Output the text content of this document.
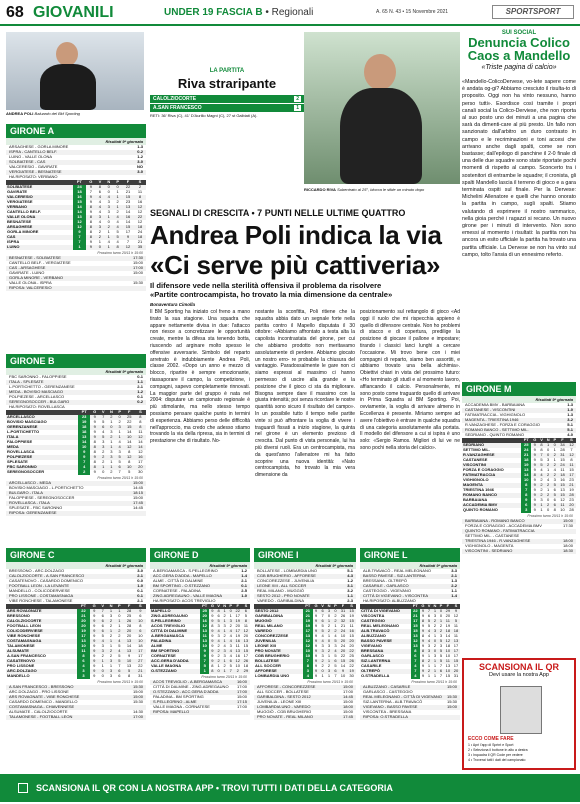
68 GIOVANILI	UNDER 19 FASCIA B • Regionali	A. 65 N. 43 • 15 Novembre 2021	SPORTSPORT
ANDREA POLI Baluardo del Bkf Sporting
LA PARTITA
Riva straripante
CALOLZIOCORTE	2
A.SAN FRANCESCO	1
RETI: 36' Riva (C), 41' D'Aurillo Magni (C), 27 st Galbiati (A).
RICCARDO RIVA Subentrato al 25°, blocca le sfide un minuto dopo
SUI SOCIAL
Denuncia Colico
Caos a Mandello
«Triste pagina di calcio»
«Mandello-ColicoDervese, vo-lete sapere come è andata og-gi? Abbiamo cresciuto il risulta-to di proposito. Oggi non ha vinto nessuno, hanno perso tutti». Esordisce così tramite i propri canali social la Colico-Derviese, che non riporta al suo posto uno dei minuti a una pagina che sarà da dimenti-care al più presto. Un fallo non sanzionato dall'arbitro un duro contrasto in campo e le recriminazioni e toni accesi che arrivano anche dagli spalti, come se non bastasse; dall'epilogo di panchine il 2-0 finale di una delle due squadre sono state riportate pochi momenti di rispetto al campo. Sconcerto tra i sostenitori di entrambe le squadre; il cronista, gli spalti Mandello lascia il terreno di gioco e a gara terminata ospiti sul finale. Per la Dervese: Michelini Allenatore e quelli che hanno onorato la partita in campo, sugli spalti. Stiamo valutando di esprimere il nostro rammarico, nella gioia perché i ragazzi si recano. Un nuovo girone per i minuti di intervento. Non sono emessi al momento i risultati: la partita non ha ancora un esito ufficiale la partita ha trovato una partita ufficiale. La Dervese se non ha vinto sul campo, tolto l'ansia di un ennesimo referto.
SEGNALI DI CRESCITA • 7 PUNTI NELLE ULTIME QUATTRO
Andrea Poli indica la via
«Ci serve più cattiveria»
Il difensore vede nella sterilità offensiva il problema da risolvere
«Partite controcampista, ho trovato la mia dimensione da centrale»
Bonaventura Cimolla

Il BM Sporting ha iniziato col freno a mano tirato la sua stagione. Una squadra che appare nettamente divisa in due: l'attacco non riesce a concretizzare le opportunità create, mentre la difesa sta tenendo botta, riuscendo ad arginare molto spesso le offensive avversarie. Simbolo del reparto arretrato è indubbiamente Andrea Poli, classe 2002. «Dopo un anno e mezzo di blocco, ripartire è sempre emozionante, riassaporare il campo, la competizione, i compagni, sapevo completamente rinnovati. La maggior parte del gruppo è nata nel 2004: disputare un campionato regionale è più stimolante, ma nello stesso tempo possiamo pensare qualche punto in termini di esperienza. Abbiamo perso delle difficoltà nell'approccio, ma credo che adesso stiamo trovando la via della ripresa, sia in termini di prestazione che di risultato. No-

nostante la sconfitta, Poli ritiene che la squadra abbia dato un segnale forte nella partita contro il Mapello disputata il 30 ottobre: «Abbiamo affrontato a testa alta la capolista incontrastata del girone, per cui che abbiamo prodotto non meritavamo assolutamente di perdere. Abbiamo giocato un nostro erro- re probabile la chiusura del vantaggio. Paradossalmente le gare non ci siamo espressi al massimo ci hanno permesso di uscire alla grande e la posizione che il gioco ci sta da migliorare. Bisogna sempre dare il massimo con la giusta intensità; poi senza ricordare le nostre quantità sono sicuro il risultato del campo». In un possibile tutto il tempo nelle partite vinte si può affrontare la voglia di vivere i traguardi fissati a inizio stagione, la quinta nel girone è un elemento prezioso di crescita. Dal punto di vista personale, lui ha più diversi ruoli. Era un centrocampista, ma da quest'anno l'allenatore mi ha fatto scoprire una nuova identità: «Nato centrocampista, ho trovato la mia vera dimensione da

posizionamento sul rettangolo di gioco «Ad oggi il ruolo che mi rispecchia appieno è quello di difensore centrale. Non ho problemi di stacco e di copertura, predilige la posizione di giocare il pallone e impostare; tirando i classici lanci lunghi a cercare l'occasione. Mi trovo bene con i miei compagni di reparto, siamo ben assortiti, e abbiamo trovato una bella alchimia». Obiettivi chiari in vista del prossimo futuro: «Ho terminato gli studi e al momento lavoro, affiancando il calcio. Personalmente, mi sono posto come traguardo quello di arrivare in Prima Squadra al BM Sporting. Poi, ovviamente, la voglia di arrivare almeno in Eccellenza è presente. Miriamo sempre ad avere l'obiettivo è entrare in qualche squadra di una categoria assolutamente alla portata. Il modello del difensore a cui si ispira è uno solo: «Sergio Ramos. Migliori di lui ve ne sono pochi nella storia del calcio».

GIRONE A
Risultati 9ª giornata
ARSAGHESE - GORLA MINORE	1-3
ISPRA - CANTELLO BELF.	0-2
LUINO - VALLE OLONA	1-2
SOLBIATESE - CAS	3-0
VALCERESIO - GAVIRATE	NO
VERGIATESE - BESNATESE	3-0
HA RIPOSATO: VERBANO
	PT	G	V	N	P	F	S
SOLBIATESE	24	9	8	0	0	22	2
GAVIRATE	18	7	6	0	1	21	11
VALCERESIO	16	9	4	4	1	15	8
VERGIATESE	15	9	4	3	2	23	16
VERBANO	14	8	4	3	1	13	12
CANTELLO BELF.	14	9	4	3	2	14	12
VALLE OLONA	13	8	3	1	4	16	22
BESNATESE	12	8	4	0	4	14	12
ARSAGHESE	12	8	3	2	4	15	18
GORLA MINORE	9	8	2	1	5	17	24
CAS	7	8	2	1	5	9	18
ISPRA	7	9	1	4	4	7	21
LUINO	1	9	0	1	8	12	35
Prossimo turno 20/11 h 15:00
BESNATESE - SOLBIATESE	17:30
CANTELLO BELF. - VERGIATESE	15:00
CAS - ARSAGHESE	17:00
GAVIRATE - LUINO	15:00
GORLA MINORE - VERBANO
VALLE OLONA - ISPRA	15:30
RIPOSA: VALCERESIO
GIRONE B
Risultati 9ª giornata
FBC SARONNO - FALOPPIESE	0-1
ITALA - SPLESATE	1-1
L.PORTICHETTO - GERENZANESE	2-1
MEDA - BOVISIO MASCIAGO	1-2
POLPIEZESE - ARCELLASCO	0-1
SEREGNOSOCCER - BULGARO	0-2
HA RIPOSATO: ROVELLASCA
	PT	G	V	N	P	F	S
ARCELLASCO	23	9	7	2	0	25	8
BOVISIO MASCIAGO	19	9	5	1	2	22	8
GERENZANESE	18	9	6	0	3	15	8
L.PORTICHETTO	18	9	4	3	1	14	11
ITALA	13	9	5	2	1	10	12
FALOPPIESE	14	8	3	1	4	14	14
MEDA	10	8	3	1	4	12	14
ROVELLASCA	9	8	2	3	3	8	12
POLPIEZESE	9	9	2	3	5	12	16
SPLESATE	7	8	2	1	5	8	17
FBC SARONNO	4	8	1	1	6	10	20
SEREGNOSOCCER	2	9	0	2	7	5	30
Prossimo turno 20/11 h 15:00
ARCELLASCO - MEDA	15:00
BOVISIO MASCIAGO - L.PORTICHETTO	14:45
BULGARO - ITALA	18:15
FALOPPIESE - SEREGNOSOCCER	15:00
ROVELLASCA - ITALA	17:45
SPLESATE - FBC SARONNO	14:45
RIPOSA: GERENZANESE
GIRONE C
Risultati 9ª giornata
BRESSONO - ARC.DOLZAGO	3-0
CALOLZIOCORTE - A.SAN FRANCESCO	2-1
CASATENOVO - CASARDO DOMENICO	0-0
FOOTBALL LEON - LA LEVANTE	1-0
MANDELLO - COLICODERVIESE	0-1
PRO LISSONE - COSTAMASNAGA	0-1
VIBE RONCHESE - TALAMONESE	2-1
	PT	G	V	N	P	F	S
ARS ROVAGNATE	22	9	7	1	1	28	9
BRESSONO	21	9	6	3	0	25	6
CALOLZIOCORTE	20	9	6	2	1	26	10
FOOTBALL LEON	20	9	6	2	1	28	8
COLICODERVIESE	19	9	6	1	2	20	6
VIBE RONCHESE	17	9	5	2	2	20	10
COSTAMASNAGA	13	9	4	1	4	13	10
TALAMONESE	10	9	3	1	5	14	18
ALSUMATE	11	9	3	2	4	13	17
A.SAN FRANCESCO	8	9	2	2	5	9	17
CASATENOVO	6	9	1	3	5	10	27
PRO LISSONE	4	9	1	1	7	13	22
ARC.DOLZAGO	3	9	0	3	6	5	21
MANDELLO	3	9	0	3	6	8	31
Prossimo turno 20/11 h 15:00
A.SAN FRANCESCO - BRESSONO	15:30
ARC.DOLZAGO - PRO LISSONE	15:00
ARS ROVAGNATE - VIBE RONCHESE	15:00
CASARDO DOMENICO - MANDELLO	15:30
COSTAMASNAGA - CHIAVENNESE
ALSUMATE - CALOLZIOCORTE	14:30
TALAMONESE - FOOTBALL LEON	17:00
GIRONE D
Risultati 9ª giornata
A.BERGAMASCA - S.PELLEGRINO	1-2
ACC.GERA D'ADDA - MAPELLO	1-4
ALME - CITTÀ DI DALMINE	2-1
BM SPORTING - O.STEZZANO	0-1
CORNATESE - PALADINA	2-5
ZING.ADREGAUNO - VALLE IMAGNA	1-0
HA RIPOSATO: ACOS TREVIGLIO
	PT	G	V	N	P	F	S
MAPELLO	25	9	8	1	0	22	6
ZING.ADREGAUNO	20	9	6	2	1	17	5
S.PELLEGRINO	16	9	5	1	3	19	8
ACOS TREVIGLIO	12	8	3	3	2	20	11
CITTÀ DI DALMINE	13	9	4	1	4	17	12
A.BERGAMASCA	11	9	3	2	4	19	20
PALADINA	13	9	4	1	4	16	13
ALME	10	9	2	4	3	11	15
BM SPORTING	9	9	2	3	4	13	15
CORNATESE	9	9	2	3	4	16	17
ACC.GERA D'ADDA	7	9	2	1	6	12	26
VALLE IMAGNA	5	8	1	2	5	10	18
O.STEZZANO	1	8	0	1	7	2	29
Prossimo turno 20/11 h 15:00
ACOS TREVIGLIO - A.BERGAMASCA	16:00
CITTÀ DI DALMINE - ZING.ADREGAUNO 17:00
O.STEZZANO - ACC.GERA D'ADDA	17:00
PALADINA - BM SPORTING	15:00
S.PELLEGRINO - ALME	17:15
VALLE IMAGNA - CORNATESE	17:00
RIPOSA: MAPELLO
GIRONE I
Risultati 9ª giornata
BOLLATESE - LOMBARDIA UNO	5-1
CGB BRUGHERIO - AFFORESE	4-3
CONCOREZZESE - JUVENILIA	1-2
LEONE XIII - ALL SOCCER	3-1
REAL MILANO - MUGGIÒ	3-2
SESTO 2012 - PRO NOVATE	1-1
VAREDO - GARIBALDINA	2-3
	PT	G	V	N	P	F	S
SESTO 2012	21	9	6	3	0	31	15
GARIBALDINA	21	9	7	0	2	26	19
MUGGIÒ	19	9	6	1	2	32	15
REAL MILANO	19	9	5	2	1	21	11
VAREDO	17	9	5	2	2	24	16
CONCOREZZESE	13	9	4	1	4	10	15
JUVENILIA	12	9	4	0	5	20	20
LEONE XIII	12	9	3	3	3	24	20
PRO NOVATE	10	9	3	2	4	20	22
CGB BRUGHERIO	10	9	3	1	5	22	25
BOLLATESE	7	9	2	1	6	15	26
ALL SOCCER	8	9	2	2	5	14	22
AFFORESE	3	9	0	3	6	9	19
LOMBARDIA UNO	4	9	1	1	7	10	30
Prossimo turno 20/11 h 15:00
AFFORESE - CONCOREZZESE	15:00
ALL SOCCER - BOLLATESE	17:00
GARIBALDINA - SESTO 2012	14:45
JUVENILIA - LEONE XIII	15:00
LOMBARDIA UNO - VAREDO	18:00
MUGGIÒ - CGB BRUGHERIO	15:00
PRO NOVATE - REAL MILANO	17:45
GIRONE L
Risultati 9ª giornata
ALB.TRAVACÒ - REAL MELEGNANO	3-3
BASSO PAVESE - SIZ.LANTERNA	2-1
BRESSANA - OLTREPÒ	1-3
CASARILE - GARLASCO	2-2
CASTEGGIO - VIGEVANO	1-1
CITTÀ DI VIGEVANO - VISCONTEA	1-4
HA RIPOSATO: ALBUZZANO
	PT	G	V	N	P	F	S
CITTÀ DI VIGEVANO	22	9	7	1	0	29	9
VISCONTEA	21	9	6	3	0	20	12
CASTEGGIO	17	8	5	2	1	11	5
REAL MELEGNANO	15	9	5	2	2	19	11
ALB.TRAVACÒ	15	9	4	3	2	18	18
ALBUZZANO	13	8	4	1	3	14	11
BASSO PAVESE	12	9	4	0	5	12	13
VIGEVANO	13	9	3	2	3	18	17
BRESSANA	8	8	3	0	5	10	17
GARLASCO	6	9	1	3	5	10	17
SIZ.LANTERNA	7	8	2	1	5	11	15
CASARILE	4	9	1	1	7	13	17
OLTREPÒ	7	9	2	1	6	10	20
O.STRADELLA	4	9	1	1	7	15	31
Prossimo turno 20/11 h 15:00
ALBUZZANO - CASARILE	15:00
GARLASCO - CASTEGGIO
REAL MELEGNANO - CITTÀ DI VIGEVANO 15:30
SIZ.LANTERNA - ALB.TRAVACÒ	15:30
VIGEVANO - BASSO PAVESE	15:00
VISCONTEA - BRESSANA
RIPOSA: O.STRADELLA
GIRONE M
Risultati 9ª giornata
ACCADEMIA BMV - BARBAIANA	1-3
CASTANESE - VISCONTINI	1-0
FATIMATRACCIA - VIGHIGNOLO	1-3
MAGENTA - TRIESTINA 1946	3-2
R.VANZAGHESE - FORZA E CORAGGIO	5-1
ROMANO BANCO - SETTIMO MIL.	5-1
SEDRIANO - QUINTO ROMANO	4-0
	PT	G	V	N	P	F	S
SEDRIANO	25	9	8	1	0	34	12
SETTIMO MIL.	24	9	8	0	1	28	7
R.VANZAGHESE	21	9	7	0	2	31	12
CASTANESE	18	9	5	3	1	15	8
VISCONTINI	19	9	5	2	2	24	11
FORZA E CORAGGIO	13	9	4	1	4	11	15
FATIMATRACCIA	14	8	4	2	2	18	17
VIGHIGNOLO	10	9	2	4	3	16	23
MAGENTA	8	9	2	2	5	15	21
TRIESTINA 1946	7	9	2	1	6	13	19
ROMANO BANCO	8	9	2	2	5	15	28
BARBAIANA	9	9	3	0	6	12	23
ACCADEMIA BMV	6	9	1	2	6	11	20
QUINTO ROMANO	3	9	1	0	8	10	28
Prossimo turno 20/11 h 15:00
BARBAIANA - ROMANO BANCO	15:00
FORZA E CORAGGIO - ACCADEMIA BMV	17:30
QUINTO ROMANO - FATIMATRACCIA
SETTIMO MIL. - CASTANESE
TRIESTINA 1946 - R.VANZAGHESE	18:00
VIGHIGNOLO - MAGENTA	18:00
VISCONTINI - SEDRIANO	18:30
SCANSIONA IL QR
Devi usare la nostra App
ECCO COME FARE
1 • Apri l'app di Sprint e Sport
2 • Seleziona il bottone in alto a destra
3 • Inquadra il QR Code per vedere
4 • Troverai tutti i dati del campionato
SCANSIONA IL QR CON LA NOSTRA APP • TROVI TUTTI I DATI DELLA CATEGORIA
